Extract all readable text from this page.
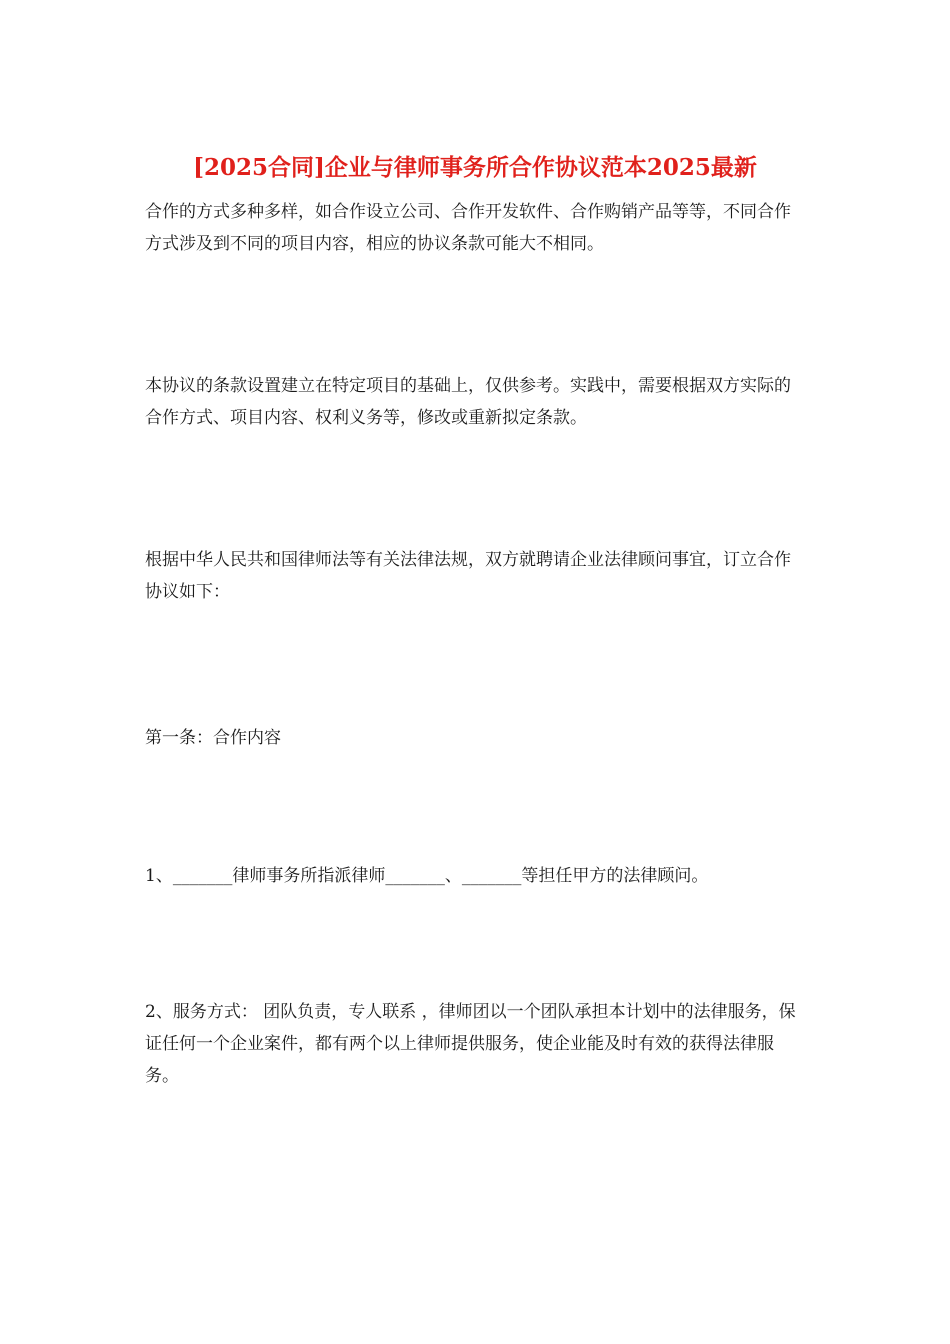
[2025合同]企业与律师事务所合作协议范本2025最新

合作的方式多种多样，如合作设立公司、合作开发软件、合作购销产品等等，不同合作方式涉及到不同的项目内容，相应的协议条款可能大不相同。

本协议的条款设置建立在特定项目的基础上，仅供参考。实践中，需要根据双方实际的合作方式、项目内容、权利义务等，修改或重新拟定条款。

根据中华人民共和国律师法等有关法律法规，双方就聘请企业法律顾问事宜，订立合作协议如下：

第一条：合作内容

1、_______律师事务所指派律师_______、_______等担任甲方的法律顾问。

2、服务方式： 团队负责，专人联系 ，律师团以一个团队承担本计划中的法律服务，保证任何一个企业案件，都有两个以上律师提供服务，使企业能及时有效的获得法律服务。
